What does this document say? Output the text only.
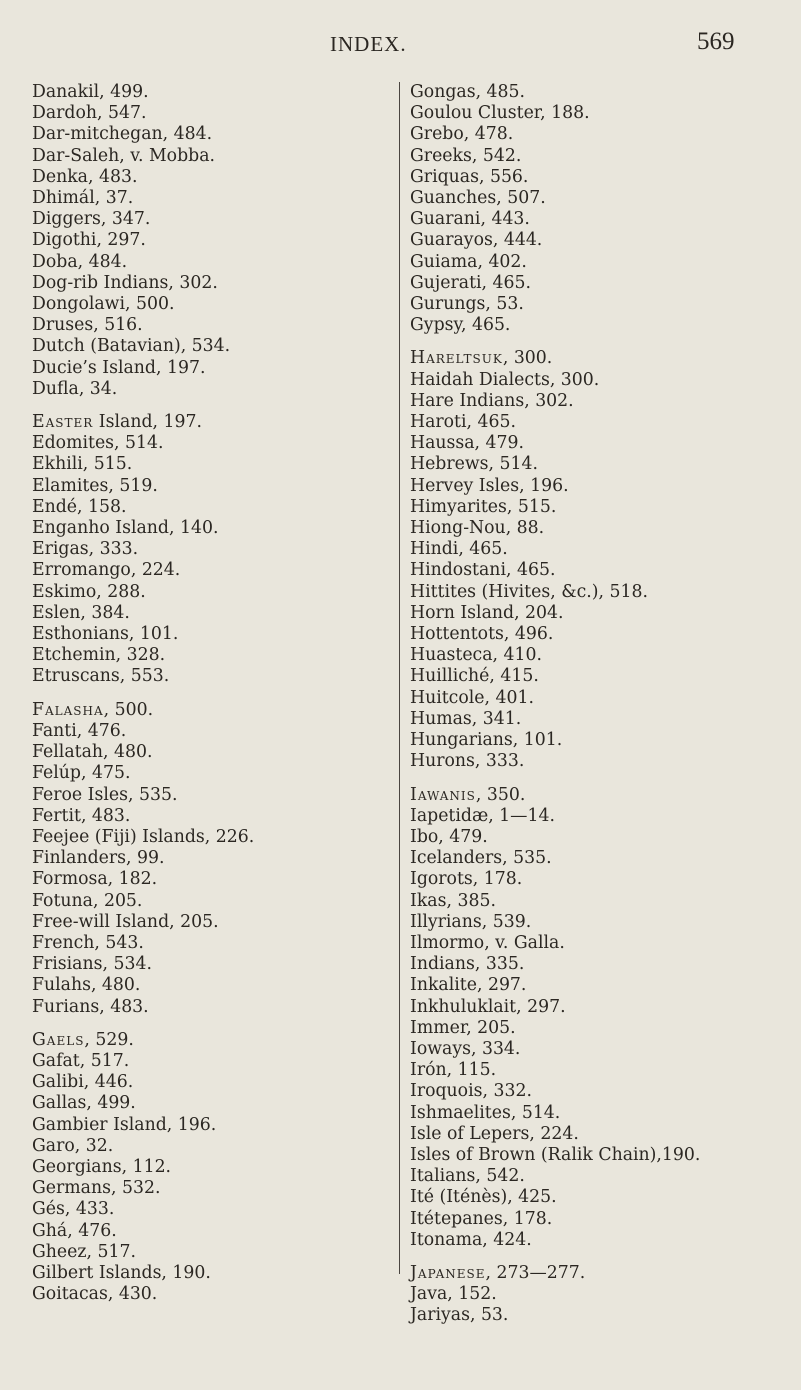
INDEX.	569
Danakil, 499.
Dardoh, 547.
Dar-mitchegan, 484.
Dar-Saleh, v. Mobba.
Denka, 483.
Dhimál, 37.
Diggers, 347.
Digothi, 297.
Doba, 484.
Dog-rib Indians, 302.
Dongolawi, 500.
Druses, 516.
Dutch (Batavian), 534.
Ducie’s Island, 197.
Dufla, 34.
Easter Island, 197.
Edomites, 514.
Ekhili, 515.
Elamites, 519.
Endé, 158.
Enganho Island, 140.
Erigas, 333.
Erromango, 224.
Eskimo, 288.
Eslen, 384.
Esthonians, 101.
Etchemin, 328.
Etruscans, 553.
Falasha, 500.
Fanti, 476.
Fellatah, 480.
Felúp, 475.
Feroe Isles, 535.
Fertit, 483.
Feejee (Fiji) Islands, 226.
Finlanders, 99.
Formosa, 182.
Fotuna, 205.
Free-will Island, 205.
French, 543.
Frisians, 534.
Fulahs, 480.
Furians, 483.
Gaels, 529.
Gafat, 517.
Galibi, 446.
Gallas, 499.
Gambier Island, 196.
Garo, 32.
Georgians, 112.
Germans, 532.
Gés, 433.
Ghá, 476.
Gheez, 517.
Gilbert Islands, 190.
Goitacas, 430.
Gongas, 485.
Goulou Cluster, 188.
Grebo, 478.
Greeks, 542.
Griquas, 556.
Guanches, 507.
Guarani, 443.
Guarayos, 444.
Guiama, 402.
Gujerati, 465.
Gurungs, 53.
Gypsy, 465.
Hareltsuk, 300.
Haidah Dialects, 300.
Hare Indians, 302.
Haroti, 465.
Haussa, 479.
Hebrews, 514.
Hervey Isles, 196.
Himyarites, 515.
Hiong-Nou, 88.
Hindi, 465.
Hindostani, 465.
Hittites (Hivites, &c.), 518.
Horn Island, 204.
Hottentots, 496.
Huasteca, 410.
Huilliché, 415.
Huitcole, 401.
Humas, 341.
Hungarians, 101.
Hurons, 333.
Iawanis, 350.
Iapetidæ, 1—14.
Ibo, 479.
Icelanders, 535.
Igorots, 178.
Ikas, 385.
Illyrians, 539.
Ilmormo, v. Galla.
Indians, 335.
Inkalite, 297.
Inkhuluklait, 297.
Immer, 205.
Ioways, 334.
Irón, 115.
Iroquois, 332.
Ishmaelites, 514.
Isle of Lepers, 224.
Isles of Brown (Ralik Chain),190.
Italians, 542.
Ité (Iténès), 425.
Itétepanes, 178.
Itonama, 424.
Japanese, 273—277.
Java, 152.
Jariyas, 53.
